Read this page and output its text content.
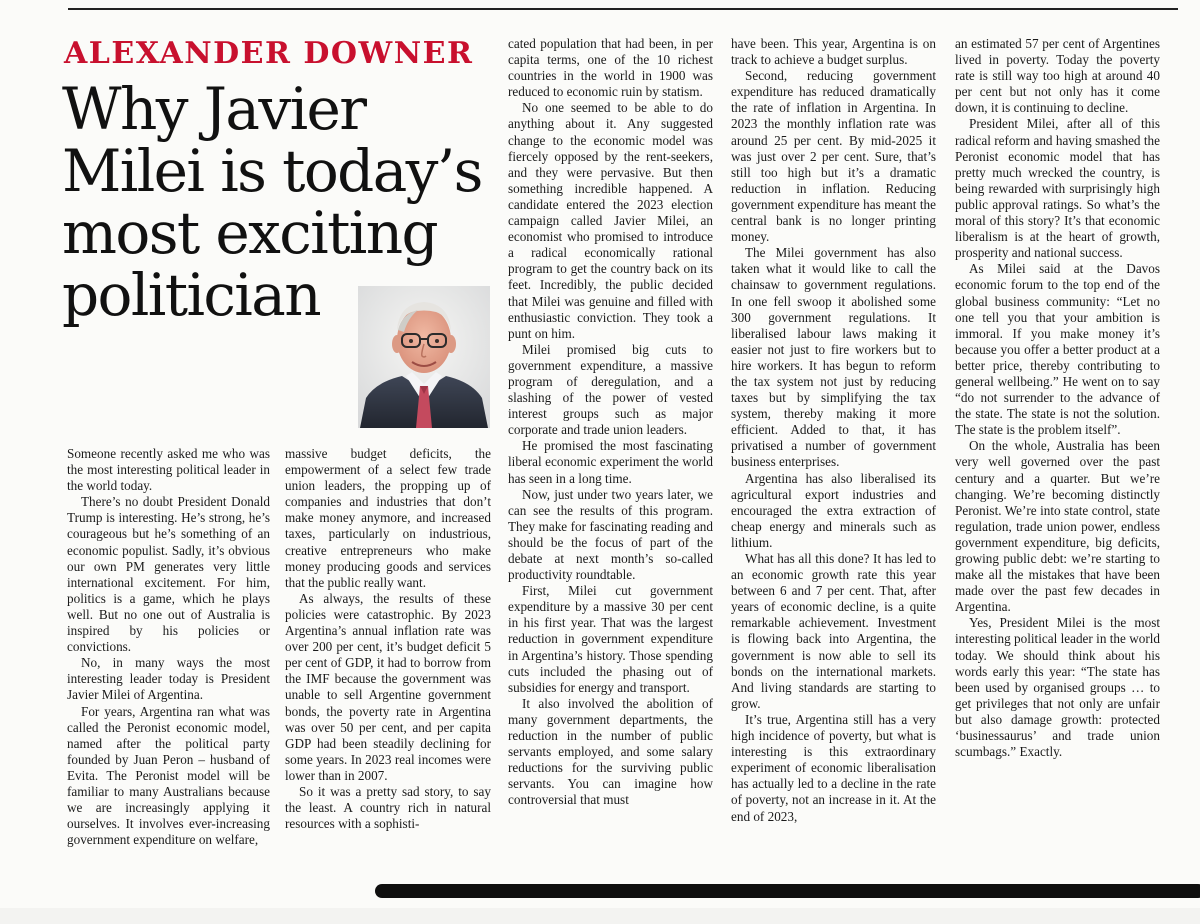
ALEXANDER DOWNER
Why Javier
Milei is today’s
most exciting
politician

Someone recently asked me who was the most interesting political leader in the world today.

There’s no doubt President Donald Trump is interesting. He’s strong, he’s courageous but he’s something of an economic populist. Sadly, it’s obvious our own PM generates very little international excitement. For him, politics is a game, which he plays well. But no one out of Australia is inspired by his policies or convictions.

No, in many ways the most interesting leader today is President Javier Milei of Argentina.

For years, Argentina ran what was called the Peronist economic model, named after the political party founded by Juan Peron – husband of Evita. The Peronist model will be familiar to many Australians because we are increasingly applying it ourselves. It involves ever-increasing government expenditure on welfare,

massive budget deficits, the empowerment of a select few trade union leaders, the propping up of companies and industries that don’t make money anymore, and increased taxes, particularly on industrious, creative entrepreneurs who make money producing goods and services that the public really want.

As always, the results of these policies were catastrophic. By 2023 Argentina’s annual inflation rate was over 200 per cent, it’s budget deficit 5 per cent of GDP, it had to borrow from the IMF because the government was unable to sell Argentine government bonds, the poverty rate in Argentina was over 50 per cent, and per capita GDP had been steadily declining for some years. In 2023 real incomes were lower than in 2007.

So it was a pretty sad story, to say the least. A country rich in natural resources with a sophisti-

cated population that had been, in per capita terms, one of the 10 richest countries in the world in 1900 was reduced to economic ruin by statism.

No one seemed to be able to do anything about it. Any suggested change to the economic model was fiercely opposed by the rent-seekers, and they were pervasive. But then something incredible happened. A candidate entered the 2023 election campaign called Javier Milei, an economist who promised to introduce a radical economically rational program to get the country back on its feet. Incredibly, the public decided that Milei was genuine and filled with enthusiastic conviction. They took a punt on him.

Milei promised big cuts to government expenditure, a massive program of deregulation, and a slashing of the power of vested interest groups such as major corporate and trade union leaders.

He promised the most fascinating liberal economic experiment the world has seen in a long time.

Now, just under two years later, we can see the results of this program. They make for fascinating reading and should be the focus of part of the debate at next month’s so-called productivity roundtable.

First, Milei cut government expenditure by a massive 30 per cent in his first year. That was the largest reduction in government expenditure in Argentina’s history. Those spending cuts included the phasing out of subsidies for energy and transport.

It also involved the abolition of many government departments, the reduction in the number of public servants employed, and some salary reductions for the surviving public servants. You can imagine how controversial that must

have been. This year, Argentina is on track to achieve a budget surplus.

Second, reducing government expenditure has reduced dramatically the rate of inflation in Argentina. In 2023 the monthly inflation rate was around 25 per cent. By mid-2025 it was just over 2 per cent. Sure, that’s still too high but it’s a dramatic reduction in inflation. Reducing government expenditure has meant the central bank is no longer printing money.

The Milei government has also taken what it would like to call the chainsaw to government regulations. In one fell swoop it abolished some 300 government regulations. It liberalised labour laws making it easier not just to fire workers but to hire workers. It has begun to reform the tax system not just by reducing taxes but by simplifying the tax system, thereby making it more efficient. Added to that, it has privatised a number of government business enterprises.

Argentina has also liberalised its agricultural export industries and encouraged the extra extraction of cheap energy and minerals such as lithium.

What has all this done? It has led to an economic growth rate this year between 6 and 7 per cent. That, after years of economic decline, is a quite remarkable achievement. Investment is flowing back into Argentina, the government is now able to sell its bonds on the international markets. And living standards are starting to grow.

It’s true, Argentina still has a very high incidence of poverty, but what is interesting is this extraordinary experiment of economic liberalisation has actually led to a decline in the rate of poverty, not an increase in it. At the end of 2023,

an estimated 57 per cent of Argentines lived in poverty. Today the poverty rate is still way too high at around 40 per cent but not only has it come down, it is continuing to decline.

President Milei, after all of this radical reform and having smashed the Peronist economic model that has pretty much wrecked the country, is being rewarded with surprisingly high public approval ratings. So what’s the moral of this story? It’s that economic liberalism is at the heart of growth, prosperity and national success.

As Milei said at the Davos economic forum to the top end of the global business community: “Let no one tell you that your ambition is immoral. If you make money it’s because you offer a better product at a better price, thereby contributing to general wellbeing.” He went on to say “do not surrender to the advance of the state. The state is not the solution. The state is the problem itself”.

On the whole, Australia has been very well governed over the past century and a quarter. But we’re changing. We’re becoming distinctly Peronist. We’re into state control, state regulation, trade union power, endless government expenditure, big deficits, growing public debt: we’re starting to make all the mistakes that have been made over the past few decades in Argentina.

Yes, President Milei is the most interesting political leader in the world today. We should think about his words early this year: “The state has been used by organised groups … to get privileges that not only are unfair but also damage growth: protected ‘businessaurus’ and trade union scumbags.” Exactly.
